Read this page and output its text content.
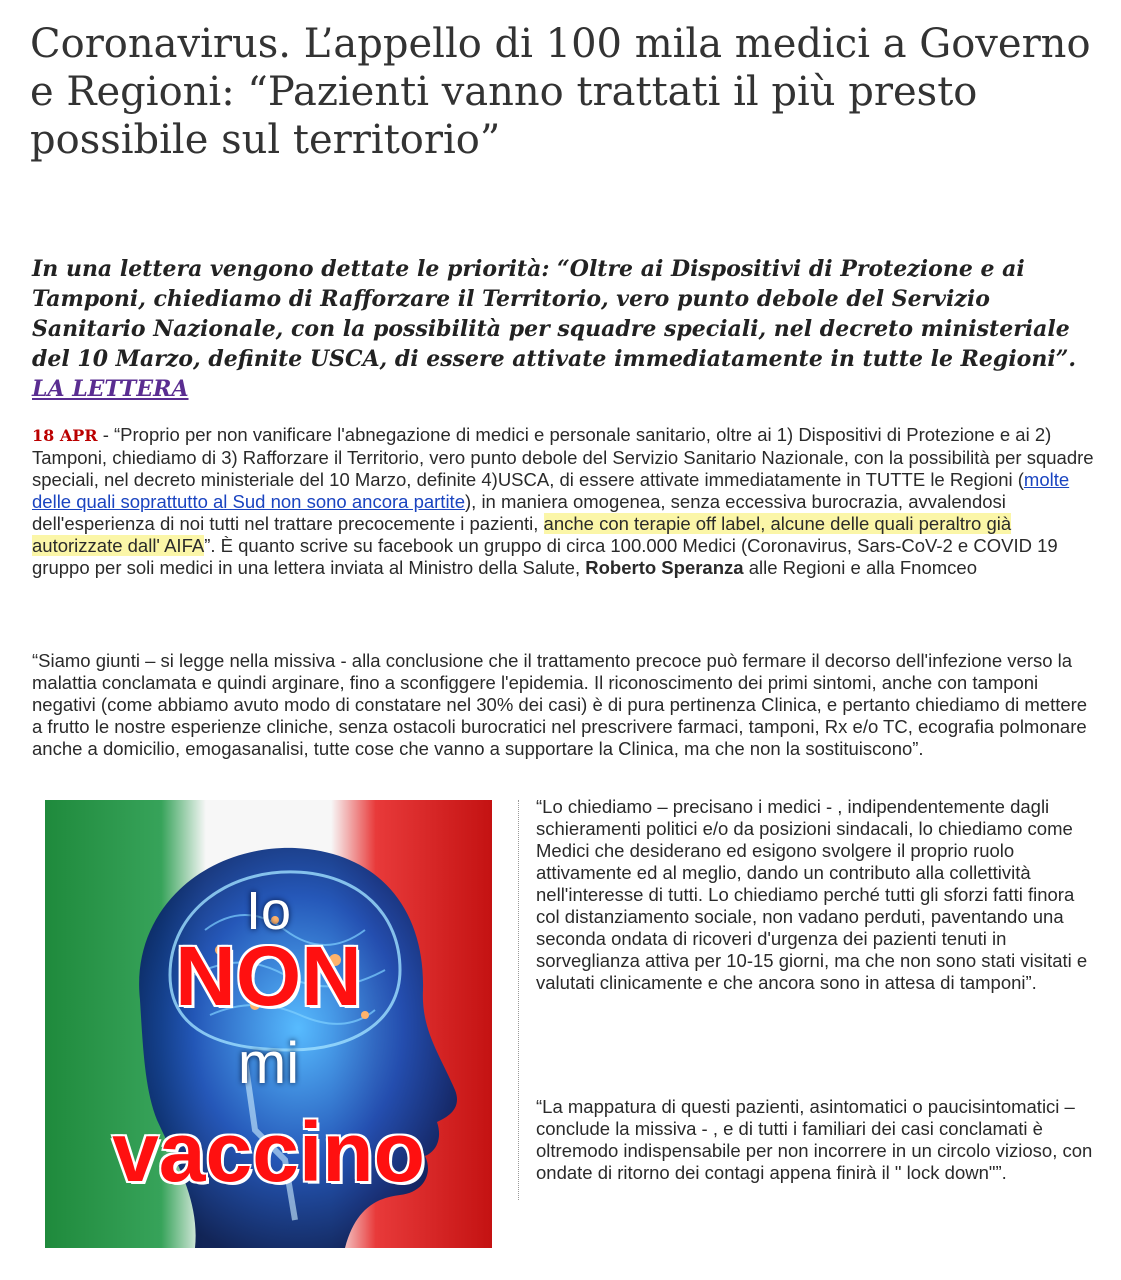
Coronavirus. L’appello di 100 mila medici a Governo e Regioni: “Pazienti vanno trattati il più presto possibile sul territorio”

In una lettera vengono dettate le priorità: “Oltre ai Dispositivi di Protezione e ai Tamponi, chiediamo di Rafforzare il Territorio, vero punto debole del Servizio Sanitario Nazionale, con la possibilità per squadre speciali, nel decreto ministeriale del 10 Marzo, definite USCA, di essere attivate immediatamente in tutte le Regioni”. LA LETTERA

18 APR - “Proprio per non vanificare l'abnegazione di medici e personale sanitario, oltre ai 1) Dispositivi di Protezione e ai 2) Tamponi, chiediamo di 3) Rafforzare il Territorio, vero punto debole del Servizio Sanitario Nazionale, con la possibilità per squadre speciali, nel decreto ministeriale del 10 Marzo, definite 4)USCA, di essere attivate immediatamente in TUTTE le Regioni (molte delle quali soprattutto al Sud non sono ancora partite), in maniera omogenea, senza eccessiva burocrazia, avvalendosi dell'esperienza di noi tutti nel trattare precocemente i pazienti, anche con terapie off label, alcune delle quali peraltro già autorizzate dall' AIFA”. È quanto scrive su facebook un gruppo di circa 100.000 Medici (Coronavirus, Sars-CoV-2 e COVID 19 gruppo per soli medici in una lettera inviata al Ministro della Salute, Roberto Speranza alle Regioni e alla Fnomceo

“Siamo giunti – si legge nella missiva - alla conclusione che il trattamento precoce può fermare il decorso dell'infezione verso la malattia conclamata e quindi arginare, fino a sconfiggere l'epidemia. Il riconoscimento dei primi sintomi, anche con tamponi negativi (come abbiamo avuto modo di constatare nel 30% dei casi) è di pura pertinenza Clinica, e pertanto chiediamo di mettere a frutto le nostre esperienze cliniche, senza ostacoli burocratici nel prescrivere farmaci, tamponi, Rx e/o TC, ecografia polmonare anche a domicilio, emogasanalisi, tutte cose che vanno a supportare la Clinica, ma che non la sostituiscono”.

Io
NON
mi
vaccino

“Lo chiediamo – precisano i medici - , indipendentemente dagli schieramenti politici e/o da posizioni sindacali, lo chiediamo come Medici che desiderano ed esigono svolgere il proprio ruolo attivamente ed al meglio, dando un contributo alla collettività nell'interesse di tutti. Lo chiediamo perché tutti gli sforzi fatti finora col distanziamento sociale, non vadano perduti, paventando una seconda ondata di ricoveri d'urgenza dei pazienti tenuti in sorveglianza attiva per 10-15 giorni, ma che non sono stati visitati e valutati clinicamente e che ancora sono in attesa di tamponi”.

“La mappatura di questi pazienti, asintomatici o paucisintomatici – conclude la missiva - , e di tutti i familiari dei casi conclamati è oltremodo indispensabile per non incorrere in un circolo vizioso, con ondate di ritorno dei contagi appena finirà il " lock down"”.
